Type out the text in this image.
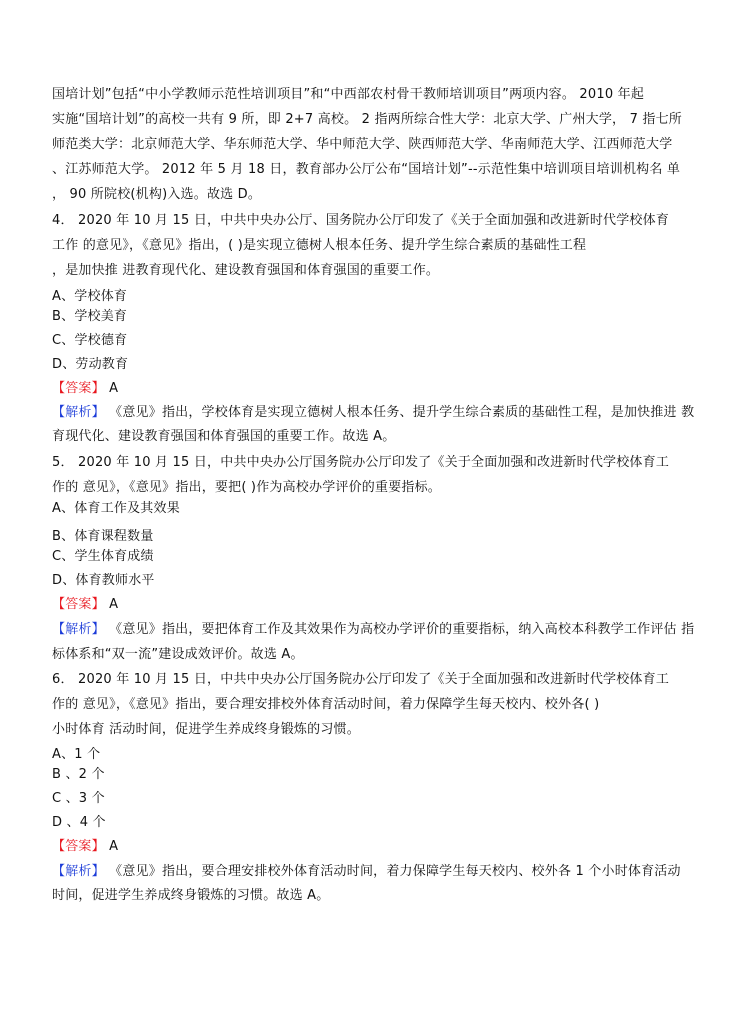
国培计划”包括“中小学教师示范性培训项目”和“中西部农村骨干教师培训项目”两项内容。 2010 年起
实施“国培计划”的高校一共有 9 所，即 2+7 高校。 2 指两所综合性大学：北京大学、广州大学， 7 指七所
师范类大学：北京师范大学、华东师范大学、华中师范大学、陕西师范大学、华南师范大学、江西师范大学
、江苏师范大学。 2012 年 5 月 18 日，教育部办公厅公布“国培计划”--示范性集中培训项目培训机构名 单
， 90 所院校(机构)入选。故选 D。
4． 2020 年 10 月 15 日，中共中央办公厅、国务院办公厅印发了《关于全面加强和改进新时代学校体育
工作 的意见》，《意见》指出，( )是实现立德树人根本任务、提升学生综合素质的基础性工程
，是加快推 进教育现代化、建设教育强国和体育强国的重要工作。
A、学校体育
B、学校美育
C、学校德育
D、劳动教育
【答案】 A
【解析】 《意见》指出，学校体育是实现立德树人根本任务、提升学生综合素质的基础性工程，是加快推进 教
育现代化、建设教育强国和体育强国的重要工作。故选 A。
5． 2020 年 10 月 15 日，中共中央办公厅国务院办公厅印发了《关于全面加强和改进新时代学校体育工
作的 意见》，《意见》指出，要把( )作为高校办学评价的重要指标。
A、体育工作及其效果
B、体育课程数量
C、学生体育成绩
D、体育教师水平
【答案】 A
【解析】 《意见》指出，要把体育工作及其效果作为高校办学评价的重要指标，纳入高校本科教学工作评估 指
标体系和“双一流”建设成效评价。故选 A。
6． 2020 年 10 月 15 日，中共中央办公厅国务院办公厅印发了《关于全面加强和改进新时代学校体育工
作的 意见》，《意见》指出，要合理安排校外体育活动时间，着力保障学生每天校内、校外各( )
小时体育 活动时间，促进学生养成终身锻炼的习惯。
A、1 个
B 、2 个
C 、3 个
D 、4 个
【答案】 A
【解析】 《意见》指出，要合理安排校外体育活动时间，着力保障学生每天校内、校外各 1 个小时体育活动
时间，促进学生养成终身锻炼的习惯。故选 A。
